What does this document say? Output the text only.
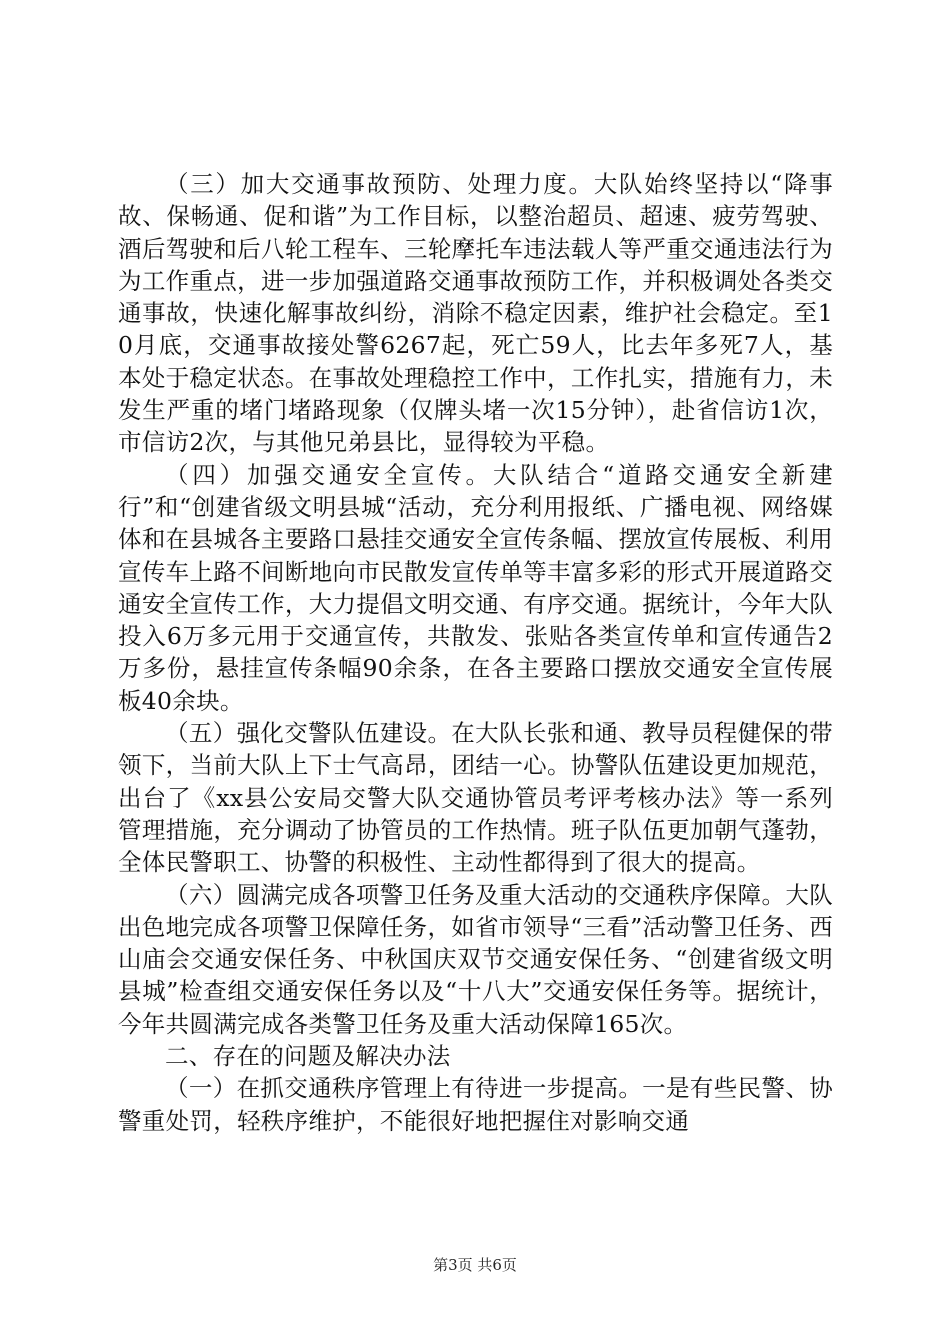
（三）加大交通事故预防、处理力度。大队始终坚持以“降事故、保畅通、促和谐”为工作目标，以整治超员、超速、疲劳驾驶、酒后驾驶和后八轮工程车、三轮摩托车违法载人等严重交通违法行为为工作重点，进一步加强道路交通事故预防工作，并积极调处各类交通事故，快速化解事故纠纷，消除不稳定因素，维护社会稳定。至10月底，交通事故接处警6267起，死亡59人，比去年多死7人，基本处于稳定状态。在事故处理稳控工作中，工作扎实，措施有力，未发生严重的堵门堵路现象（仅牌头堵一次15分钟），赴省信访1次，市信访2次，与其他兄弟县比，显得较为平稳。

（四）加强交通安全宣传。大队结合“道路交通安全新建行”和“创建省级文明县城“活动，充分利用报纸、广播电视、网络媒体和在县城各主要路口悬挂交通安全宣传条幅、摆放宣传展板、利用宣传车上路不间断地向市民散发宣传单等丰富多彩的形式开展道路交通安全宣传工作，大力提倡文明交通、有序交通。据统计，今年大队投入6万多元用于交通宣传，共散发、张贴各类宣传单和宣传通告2万多份，悬挂宣传条幅90余条，在各主要路口摆放交通安全宣传展板40余块。

（五）强化交警队伍建设。在大队长张和通、教导员程健保的带领下，当前大队上下士气高昂，团结一心。协警队伍建设更加规范，出台了《xx县公安局交警大队交通协管员考评考核办法》等一系列管理措施，充分调动了协管员的工作热情。班子队伍更加朝气蓬勃，全体民警职工、协警的积极性、主动性都得到了很大的提高。

（六）圆满完成各项警卫任务及重大活动的交通秩序保障。大队出色地完成各项警卫保障任务，如省市领导“三看”活动警卫任务、西山庙会交通安保任务、中秋国庆双节交通安保任务、“创建省级文明县城”检查组交通安保任务以及“十八大”交通安保任务等。据统计，今年共圆满完成各类警卫任务及重大活动保障165次。

二、存在的问题及解决办法

（一）在抓交通秩序管理上有待进一步提高。一是有些民警、协警重处罚，轻秩序维护，不能很好地把握住对影响交通

第3页 共6页
